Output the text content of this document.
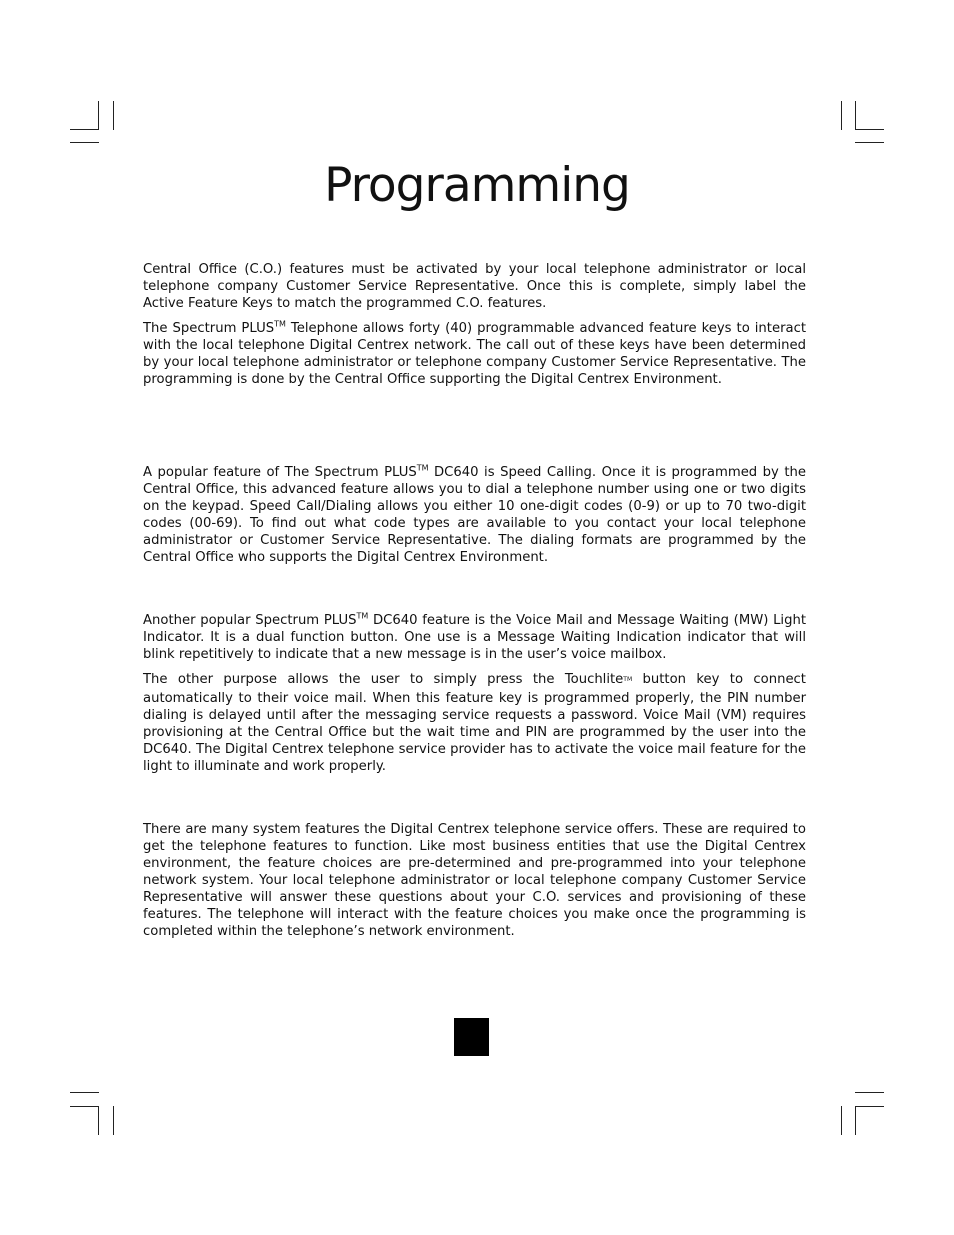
Programming

Central Office (C.O.) features must be activated by your local telephone administrator or local telephone company Customer Service Representative. Once this is complete, simply label the Active Feature Keys to match the programmed C.O. features.

The Spectrum PLUS™ Telephone allows forty (40) programmable advanced feature keys to interact with the local telephone Digital Centrex network. The call out of these keys have been determined by your local telephone administrator or telephone company Customer Service Representative. The programming is done by the Central Office supporting the Digital Centrex Environment.

A popular feature of The Spectrum PLUS™ DC640 is Speed Calling. Once it is programmed by the Central Office, this advanced feature allows you to dial a telephone number using one or two digits on the keypad. Speed Call/Dialing allows you either 10 one-digit codes (0-9) or up to 70 two-digit codes (00-69). To find out what code types are available to you contact your local telephone administrator or Customer Service Representative. The dialing formats are programmed by the Central Office who supports the Digital Centrex Environment.

Another popular Spectrum PLUS™ DC640 feature is the Voice Mail and Message Waiting (MW) Light Indicator. It is a dual function button. One use is a Message Waiting Indication indicator that will blink repetitively to indicate that a new message is in the user’s voice mailbox.

The other purpose allows the user to simply press the TouchliteTM button key to connect automatically to their voice mail. When this feature key is programmed properly, the PIN number dialing is delayed until after the messaging service requests a password. Voice Mail (VM) requires provisioning at the Central Office but the wait time and PIN are programmed by the user into the DC640. The Digital Centrex telephone service provider has to activate the voice mail feature for the light to illuminate and work properly.

There are many system features the Digital Centrex telephone service offers. These are required to get the telephone features to function. Like most business entities that use the Digital Centrex environment, the feature choices are pre-determined and pre-programmed into your telephone network system. Your local telephone administrator or local telephone company Customer Service Representative will answer these questions about your C.O. services and provisioning of these features. The telephone will interact with the feature choices you make once the programming is completed within the telephone’s network environment.
